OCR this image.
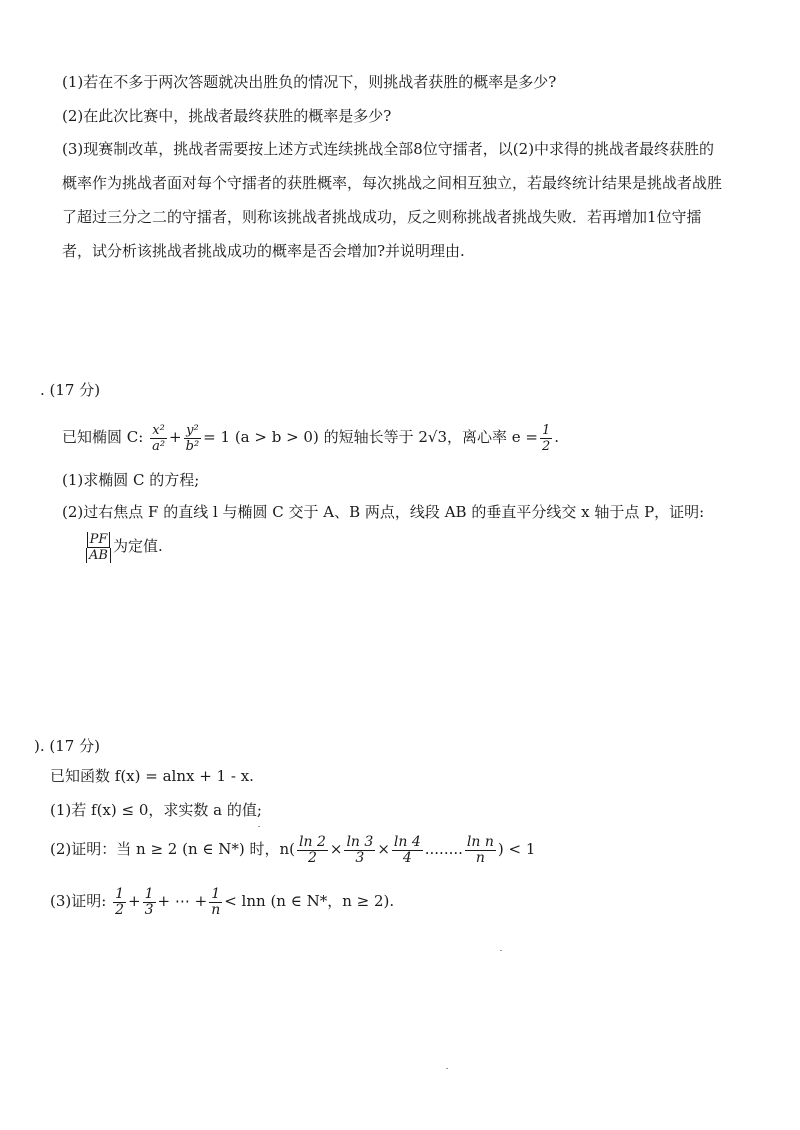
(1)若在不多于两次答题就决出胜负的情况下，则挑战者获胜的概率是多少?
(2)在此次比赛中，挑战者最终获胜的概率是多少?
(3)现赛制改革，挑战者需要按上述方式连续挑战全部8位守擂者，以(2)中求得的挑战者最终获胜的概率作为挑战者面对每个守擂者的获胜概率，每次挑战之间相互独立，若最终统计结果是挑战者战胜了超过三分之二的守擂者，则称该挑战者挑战成功，反之则称挑战者挑战失败．若再增加1位守擂者，试分析该挑战者挑战成功的概率是否会增加?并说明理由.
. (17 分)
已知椭圆 C: $\frac{\text{x²}}{\text{a²}} + \frac{\text{y²}}{\text{b²}} = 1$ (a > b > 0) 的短轴长等于 2√3，离心率 $e = \frac{1}{2}$ .
(1)求椭圆 C 的方程;
(2)过右焦点 F 的直线 l 与椭圆 C 交于 A、B 两点，线段 AB 的垂直平分线交 x 轴于点 P，证明:
$\frac{PF}{AB}$ 为定值.
). (17 分)
已知函数 f(x) = alnx + 1 - x.
(1)若 f(x) ≤ 0，求实数 a 的值;
(2)证明：当 n ≥ 2 (n ∈ N*) 时，$n( \frac{\ln 2}{2} \times \frac{\ln 3}{3} \times \frac{\ln 4}{4}$ ........ $\frac{\text{ln n}}{n}$ ) < 1
(3)证明: $\frac{1}{2} + \frac{1}{3}$ + ⋯ + $\frac{1}{n} < \ln n$ (n ∈ N*，n ≥ 2).
